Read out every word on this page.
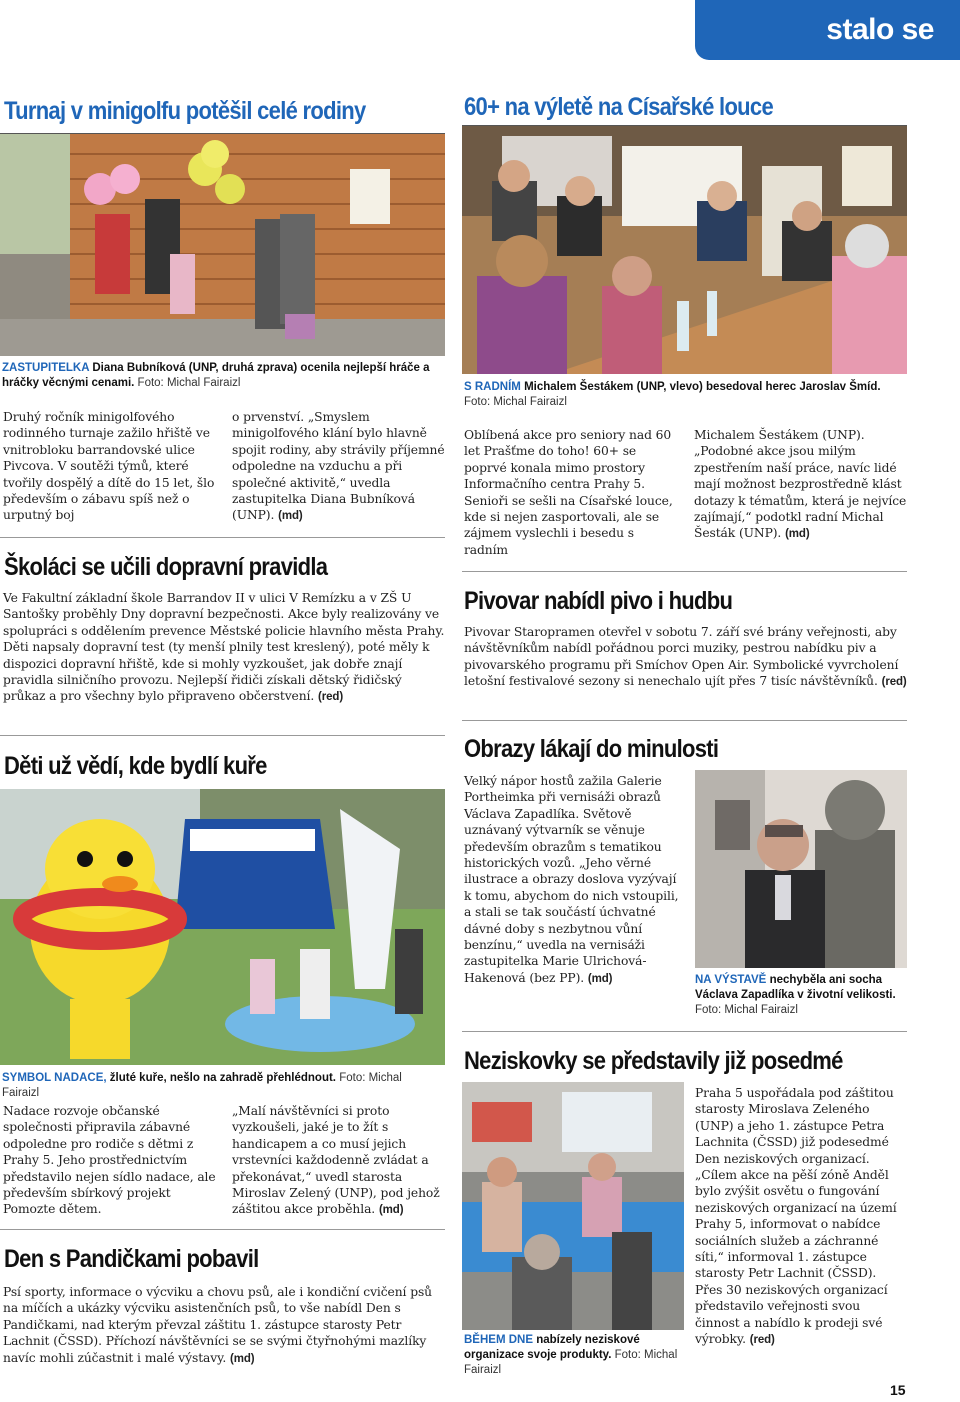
stalo se
Turnaj v minigolfu potěšil celé rodiny
ZASTUPITELKA Diana Bubníková (UNP, druhá zprava) ocenila nejlepší hráče a hráčky věcnými cenami. Foto: Michal Fairaizl
Druhý ročník minigolfového rodinného turnaje zažilo hřiště ve vnitrobloku barrandovské ulice Pivcova. V soutěži týmů, které tvořily dospělý a dítě do 15 let, šlo především o zábavu spíš než o urputný boj
o prvenství. „Smyslem minigolfového klání bylo hlavně spojit rodiny, aby strávily příjemné odpoledne na vzduchu a při společné aktivitě,“ uvedla zastupitelka Diana Bubníková (UNP). (md)
Školáci se učili dopravní pravidla
Ve Fakultní základní škole Barrandov II v ulici V Remízku a v ZŠ U Santošky proběhly Dny dopravní bezpečnosti. Akce byly realizovány ve spolupráci s oddělením prevence Městské policie hlavního města Prahy. Děti napsaly dopravní test (ty menší plnily test kreslený), poté měly k dispozici dopravní hřiště, kde si mohly vyzkoušet, jak dobře znají pravidla silničního provozu. Nejlepší řidiči získali dětský řidičský průkaz a pro všechny bylo připraveno občerstvení. (red)
Děti už vědí, kde bydlí kuře
SYMBOL NADACE, žluté kuře, nešlo na zahradě přehlédnout. Foto: Michal Fairaizl
Nadace rozvoje občanské společnosti připravila zábavné odpoledne pro rodiče s dětmi z Prahy 5. Jeho prostřednictvím představilo nejen sídlo nadace, ale především sbírkový projekt Pomozte dětem.
„Malí návštěvníci si proto vyzkoušeli, jaké je to žít s handicapem a co musí jejich vrstevníci každodenně zvládat a překonávat,“ uvedl starosta Miroslav Zelený (UNP), pod jehož záštitou akce proběhla. (md)
Den s Pandičkami pobavil
Psí sporty, informace o výcviku a chovu psů, ale i kondiční cvičení psů na míčích a ukázky výcviku asistenčních psů, to vše nabídl Den s Pandičkami, nad kterým převzal záštitu 1. zástupce starosty Petr Lachnit (ČSSD). Příchozí návštěvníci se se svými čtyřnohými mazlíky navíc mohli zúčastnit i malé výstavy. (md)
60+ na výletě na Císařské louce
S RADNÍM Michalem Šestákem (UNP, vlevo) besedoval herec Jaroslav Šmíd. Foto: Michal Fairaizl
Oblíbená akce pro seniory nad 60 let Prašťme do toho! 60+ se poprvé konala mimo prostory Informačního centra Prahy 5. Senioři se sešli na Císařské louce, kde si nejen zasportovali, ale se zájmem vyslechli i besedu s radním
Michalem Šestákem (UNP). „Podobné akce jsou milým zpestřením naší práce, navíc lidé mají možnost bezprostředně klást dotazy k tématům, která je nejvíce zajímají,“ podotkl radní Michal Šesták (UNP). (md)
Pivovar nabídl pivo i hudbu
Pivovar Staropramen otevřel v sobotu 7. září své brány veřejnosti, aby návštěvníkům nabídl pořádnou porci muziky, pestrou nabídku piv a pivovarského programu při Smíchov Open Air. Symbolické vyvrcholení letošní festivalové sezony si nenechalo ujít přes 7 tisíc návštěvníků. (red)
Obrazy lákají do minulosti
Velký nápor hostů zažila Galerie Portheimka při vernisáži obrazů Václava Zapadlíka. Světově uznávaný výtvarník se věnuje především obrazům s tematikou historických vozů. „Jeho věrné ilustrace a obrazy doslova vyzývají k tomu, abychom do nich vstoupili, a stali se tak součástí úchvatné dávné doby s nezbytnou vůní benzínu,“ uvedla na vernisáži zastupitelka Marie Ulrichová-Hakenová (bez PP). (md)	NA VÝSTAVĚ nechyběla ani socha Václava Zapadlíka v životní velikosti. Foto: Michal Fairaizl
Neziskovky se představily již posedmé
BĚHEM DNE nabízely neziskové organizace svoje produkty. Foto: Michal Fairaizl
Praha 5 uspořádala pod záštitou starosty Miroslava Zeleného (UNP) a jeho 1. zástupce Petra Lachnita (ČSSD) již podesedmé Den neziskových organizací. „Cílem akce na pěší zóně Anděl bylo zvýšit osvětu o fungování neziskových organizací na území Prahy 5, informovat o nabídce sociálních služeb a záchranné síti,“ informoval 1. zástupce starosty Petr Lachnit (ČSSD). Přes 30 neziskových organizací představilo veřejnosti svou činnost a nabídlo k prodeji své výrobky. (red)
15
